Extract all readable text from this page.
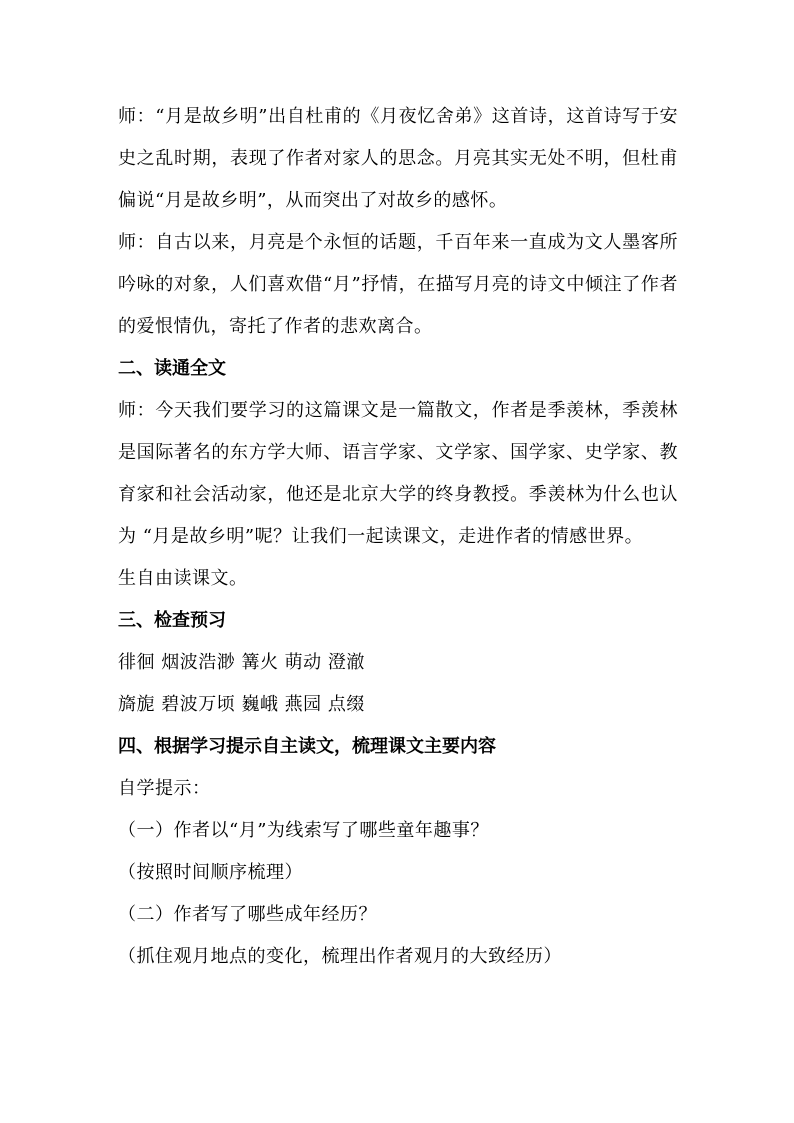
师：“月是故乡明”出自杜甫的《月夜忆舍弟》这首诗，这首诗写于安史之乱时期，表现了作者对家人的思念。月亮其实无处不明，但杜甫偏说“月是故乡明”，从而突出了对故乡的感怀。

师：自古以来，月亮是个永恒的话题，千百年来一直成为文人墨客所吟咏的对象，人们喜欢借“月”抒情，在描写月亮的诗文中倾注了作者的爱恨情仇，寄托了作者的悲欢离合。

二、读通全文

师：今天我们要学习的这篇课文是一篇散文，作者是季羡林，季羡林是国际著名的东方学大师、语言学家、文学家、国学家、史学家、教育家和社会活动家，他还是北京大学的终身教授。季羡林为什么也认为 “月是故乡明”呢？让我们一起读课文，走进作者的情感世界。

生自由读课文。

三、检查预习

徘徊 烟波浩渺 篝火 萌动 澄澈

旖旎 碧波万顷 巍峨 燕园 点缀

四、根据学习提示自主读文，梳理课文主要内容

自学提示：

（一）作者以“月”为线索写了哪些童年趣事？

（按照时间顺序梳理）

（二）作者写了哪些成年经历？

（抓住观月地点的变化，梳理出作者观月的大致经历）
